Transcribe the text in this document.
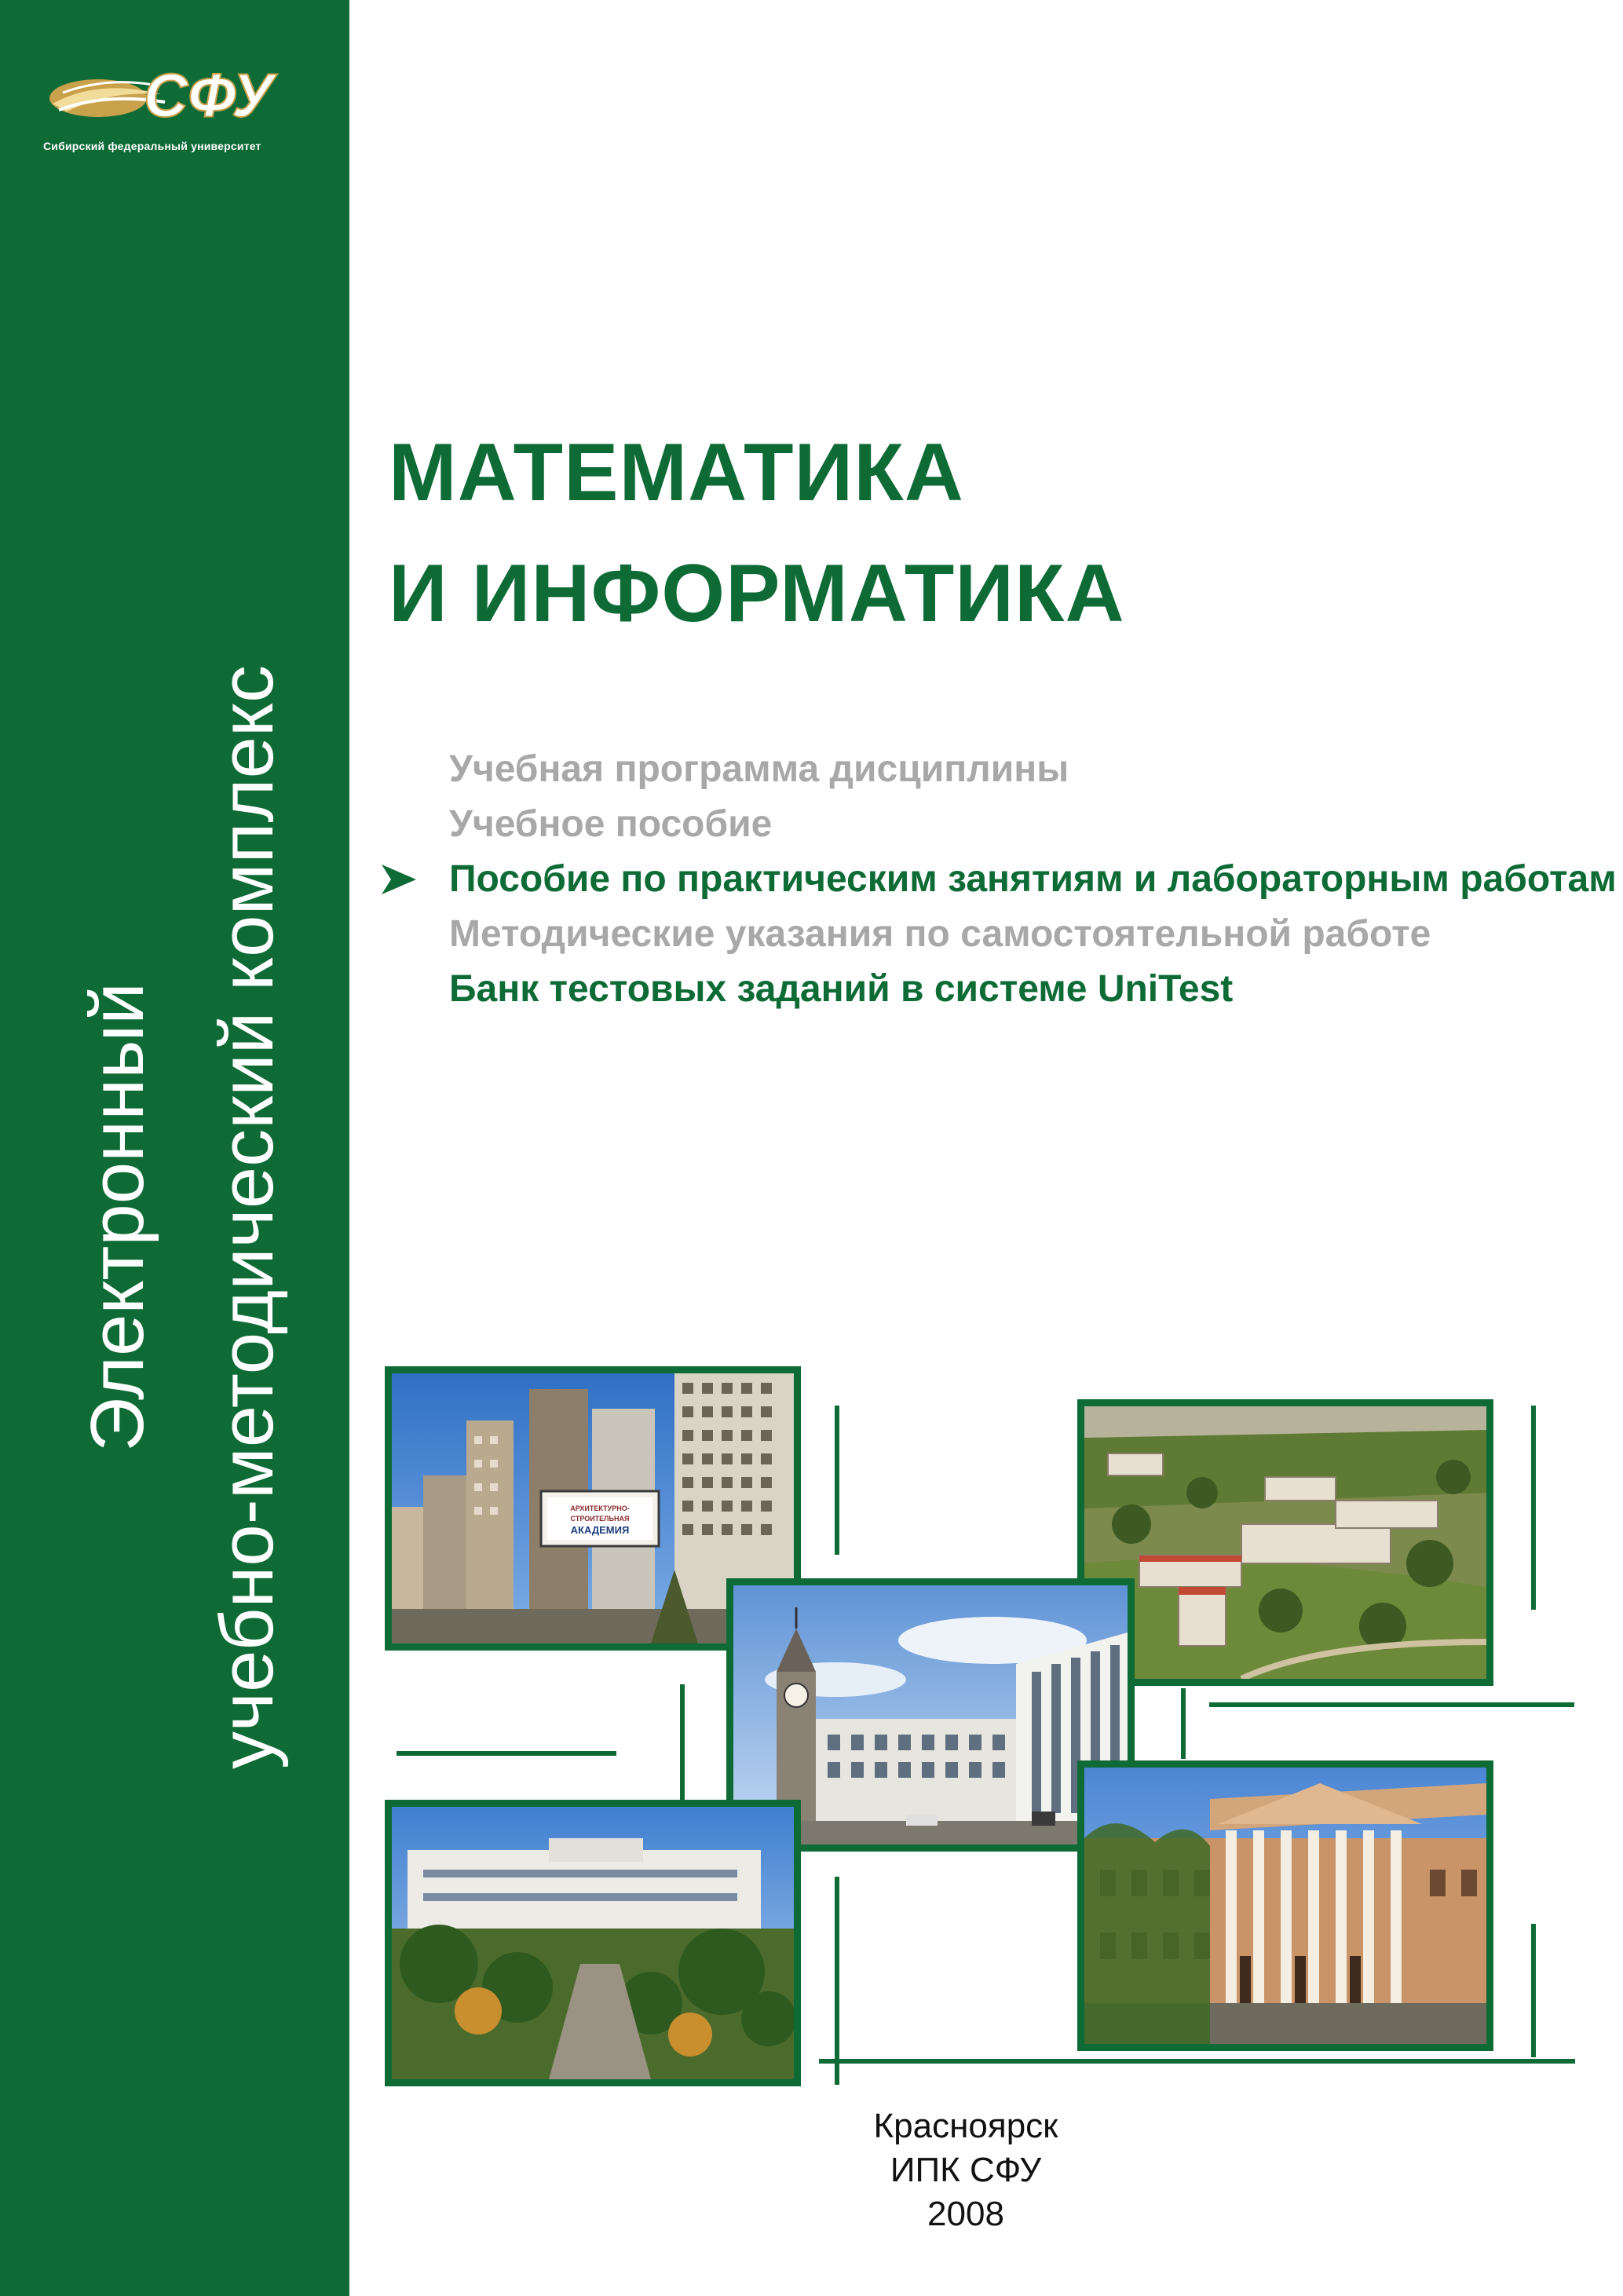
СФУ
Сибирский федеральный университет
Электронный учебно-методический комплекс
МАТЕМАТИКА
И ИНФОРМАТИКА
Учебная программа дисциплины
Учебное пособие
Пособие по практическим занятиям и лабораторным работам
Методические указания по самостоятельной работе
Банк тестовых заданий в системе UniTest
АРХИТЕКТУРНО-
СТРОИТЕЛЬНАЯ
АКАДЕМИЯ
Красноярск
ИПК СФУ
2008
